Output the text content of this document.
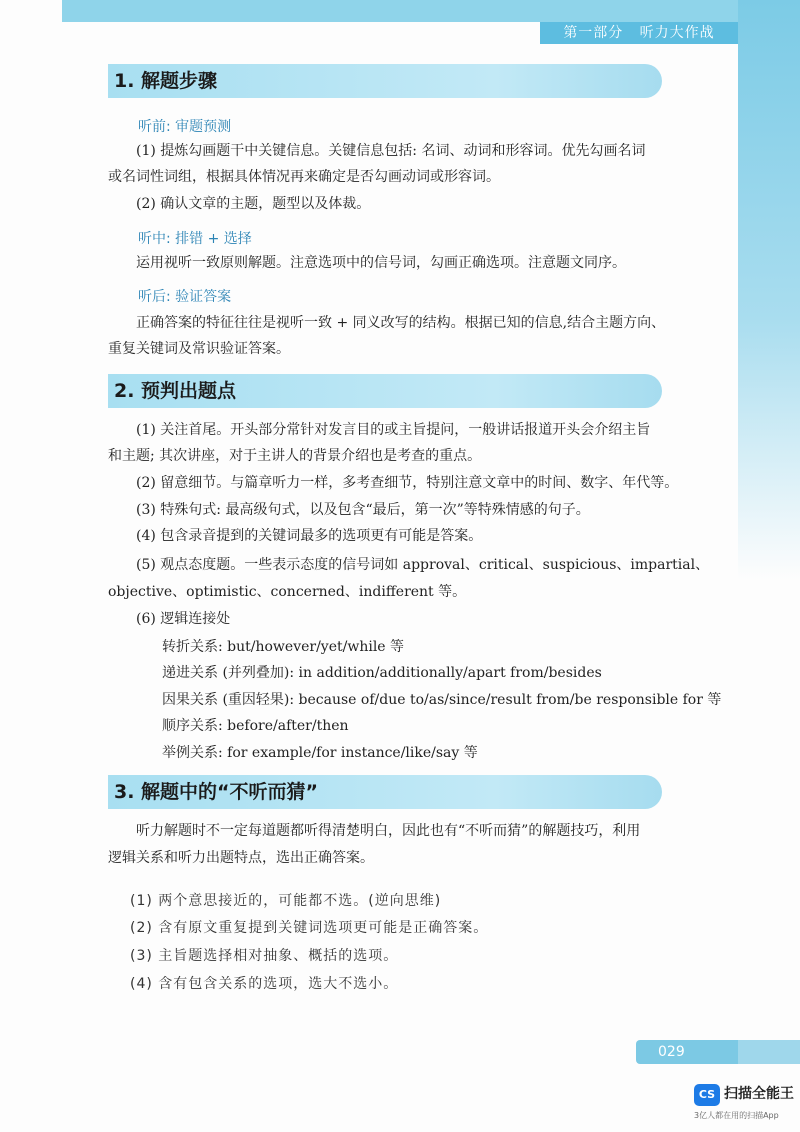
第一部分 听力大作战
1. 解题步骤
听前: 审题预测
(1) 提炼勾画题干中关键信息。关键信息包括: 名词、动词和形容词。优先勾画名词
或名词性词组，根据具体情况再来确定是否勾画动词或形容词。
(2) 确认文章的主题，题型以及体裁。
听中: 排错 + 选择
运用视听一致原则解题。注意选项中的信号词，勾画正确选项。注意题文同序。
听后: 验证答案
正确答案的特征往往是视听一致 + 同义改写的结构。根据已知的信息,结合主题方向、
重复关键词及常识验证答案。
2. 预判出题点
(1) 关注首尾。开头部分常针对发言目的或主旨提问，一般讲话报道开头会介绍主旨
和主题; 其次讲座，对于主讲人的背景介绍也是考查的重点。
(2) 留意细节。与篇章听力一样，多考查细节，特别注意文章中的时间、数字、年代等。
(3) 特殊句式: 最高级句式，以及包含“最后，第一次”等特殊情感的句子。
(4) 包含录音提到的关键词最多的选项更有可能是答案。
(5) 观点态度题。一些表示态度的信号词如 approval、critical、suspicious、impartial、
objective、optimistic、concerned、indifferent 等。
(6) 逻辑连接处
转折关系: but/however/yet/while 等
递进关系 (并列叠加): in addition/additionally/apart from/besides
因果关系 (重因轻果): because of/due to/as/since/result from/be responsible for 等
顺序关系: before/after/then
举例关系: for example/for instance/like/say 等
3. 解题中的“不听而猜”
听力解题时不一定每道题都听得清楚明白，因此也有“不听而猜”的解题技巧，利用
逻辑关系和听力出题特点，选出正确答案。
(1) 两个意思接近的，可能都不选。(逆向思维)
(2) 含有原文重复提到关键词选项更可能是正确答案。
(3) 主旨题选择相对抽象、概括的选项。
(4) 含有包含关系的选项，选大不选小。
029
CS 扫描全能王
3亿人都在用的扫描App
